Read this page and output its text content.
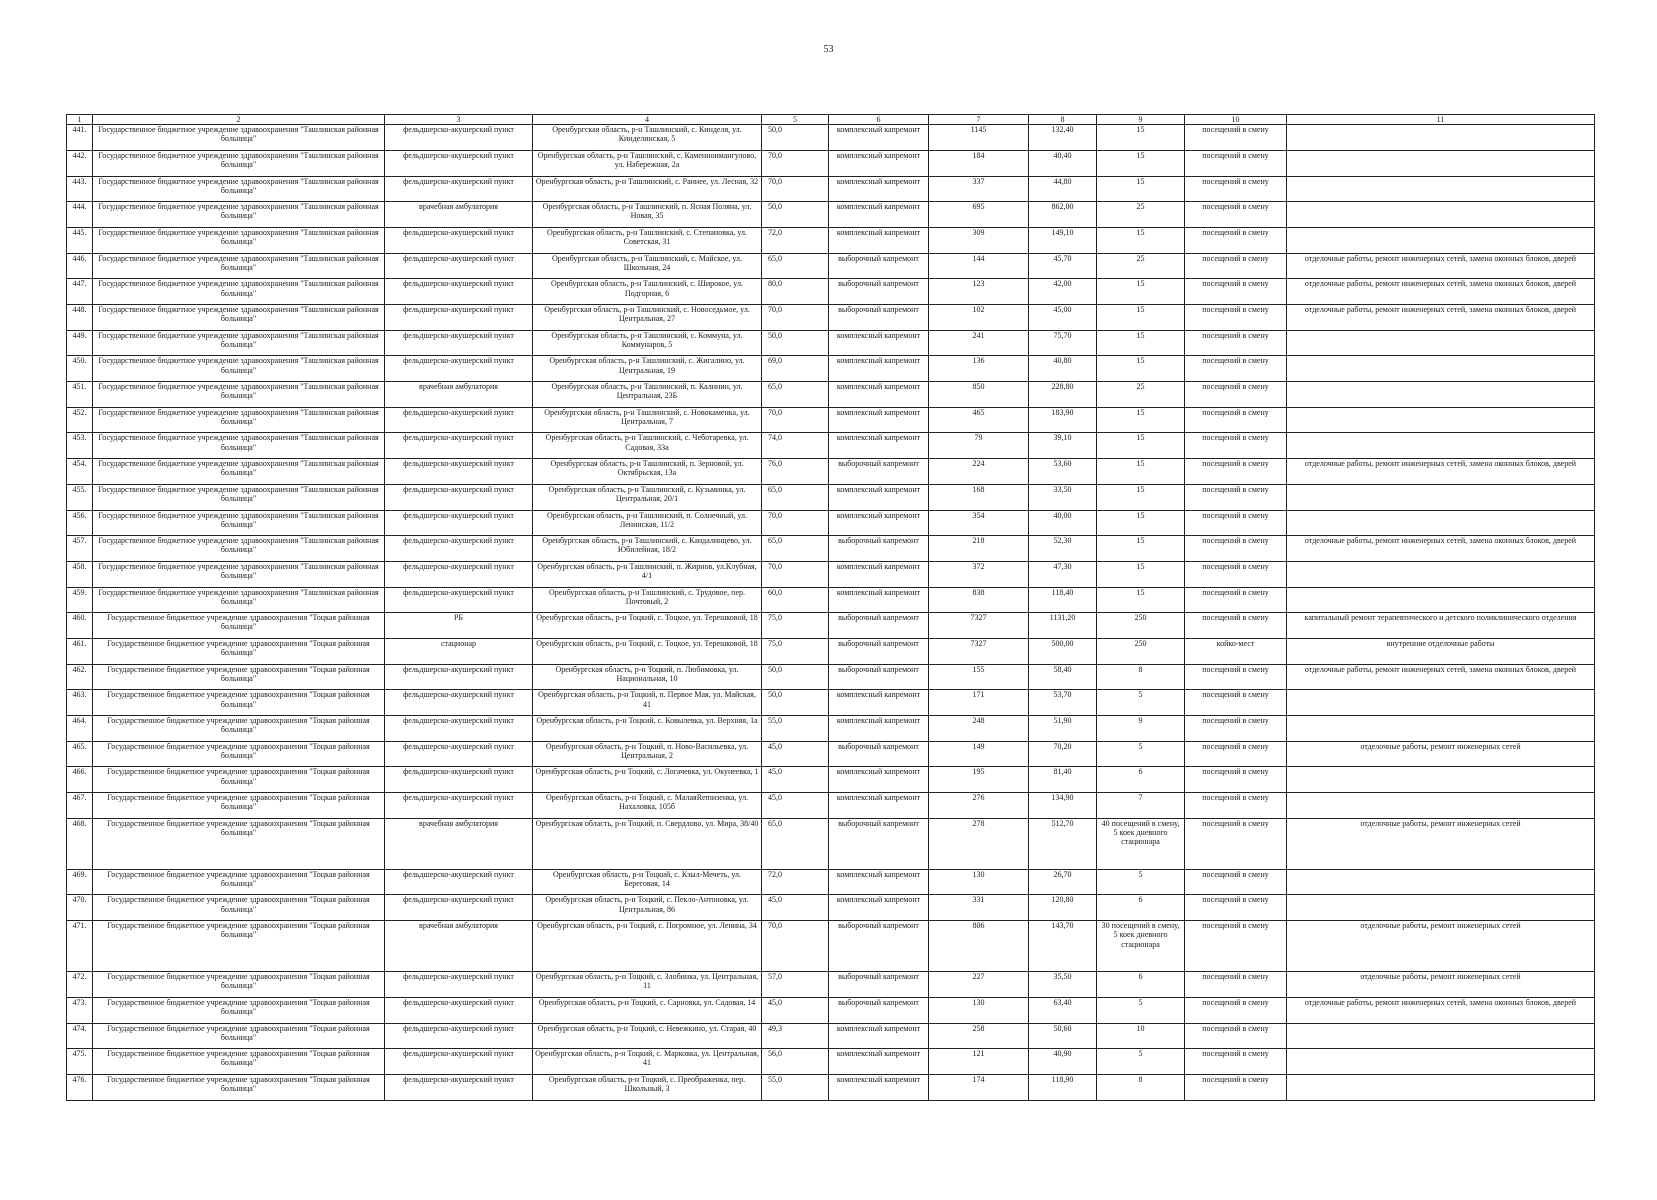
53
1	2	3	4	5	6	7	8	9	10	11
441.	Государственное бюджетное учреждение здравоохранения "Ташлинская районная больница"	фельдшерско-акушерский пункт	Оренбургская область, р-н Ташлинский, с. Кинделя, ул. Кинделинская, 5	50,0	комплексный капремонт	1145	132,40	15	посещений в смену	
442.	Государственное бюджетное учреждение здравоохранения "Ташлинская районная больница"	фельдшерско-акушерский пункт	Оренбургская область, р-н Ташлинский, с. Каменноимангулово, ул. Набережная, 2а	70,0	комплексный капремонт	184	40,40	15	посещений в смену	
443.	Государственное бюджетное учреждение здравоохранения "Ташлинская районная больница"	фельдшерско-акушерский пункт	Оренбургская область, р-н Ташлинский, с. Раннее, ул. Лесная, 32	70,0	комплексный капремонт	337	44,80	15	посещений в смену	
444.	Государственное бюджетное учреждение здравоохранения "Ташлинская районная больница"	врачебная амбулатория	Оренбургская область, р-н Ташлинский, п. Ясная Поляна, ул. Новая, 35	50,0	комплексный капремонт	695	862,00	25	посещений в смену	
445.	Государственное бюджетное учреждение здравоохранения "Ташлинская районная больница"	фельдшерско-акушерский пункт	Оренбургская область, р-н Ташлинский, с. Степановка, ул. Советская, 31	72,0	комплексный капремонт	309	149,10	15	посещений в смену	
446.	Государственное бюджетное учреждение здравоохранения "Ташлинская районная больница"	фельдшерско-акушерский пункт	Оренбургская область, р-н Ташлинский, с. Майское, ул. Школьная, 24	65,0	выборочный капремонт	144	45,70	25	посещений в смену	отделочные работы, ремонт инженерных сетей, замена оконных блоков, дверей
447.	Государственное бюджетное учреждение здравоохранения "Ташлинская районная больница"	фельдшерско-акушерский пункт	Оренбургская область, р-н Ташлинский, с. Широкое, ул. Подгорная, 6	80,0	выборочный капремонт	123	42,00	15	посещений в смену	отделочные работы, ремонт инженерных сетей, замена оконных блоков, дверей
448.	Государственное бюджетное учреждение здравоохранения "Ташлинская районная больница"	фельдшерско-акушерский пункт	Оренбургская область, р-н Ташлинский, с. Новоседьмое, ул. Центральная, 27	70,0	выборочный капремонт	102	45,00	15	посещений в смену	отделочные работы, ремонт инженерных сетей, замена оконных блоков, дверей
449.	Государственное бюджетное учреждение здравоохранения "Ташлинская районная больница"	фельдшерско-акушерский пункт	Оренбургская область, р-н Ташлинский, с. Коммуна, ул. Коммунаров, 5	50,0	комплексный капремонт	241	75,70	15	посещений в смену	
450.	Государственное бюджетное учреждение здравоохранения "Ташлинская районная больница"	фельдшерско-акушерский пункт	Оренбургская область, р-н Ташлинский, с. Жигалино, ул. Центральная, 19	69,0	комплексный капремонт	136	40,80	15	посещений в смену	
451.	Государственное бюджетное учреждение здравоохранения "Ташлинская районная больница"	врачебная амбулатория	Оренбургская область, р-н Ташлинский, п. Калинин, ул. Центральная, 23Б	65,0	комплексный капремонт	850	228,80	25	посещений в смену	
452.	Государственное бюджетное учреждение здравоохранения "Ташлинская районная больница"	фельдшерско-акушерский пункт	Оренбургская область, р-н Ташлинский, с. Новокаменка, ул. Центральная, 7	70,0	комплексный капремонт	465	183,90	15	посещений в смену	
453.	Государственное бюджетное учреждение здравоохранения "Ташлинская районная больница"	фельдшерско-акушерский пункт	Оренбургская область, р-н Ташлинский, с. Чеботаревка, ул. Садовая, 33а	74,0	комплексный капремонт	79	39,10	15	посещений в смену	
454.	Государственное бюджетное учреждение здравоохранения "Ташлинская районная больница"	фельдшерско-акушерский пункт	Оренбургская область, р-н Ташлинский, п. Зерновой, ул. Октябрьская, 13а	76,0	выборочный капремонт	224	53,60	15	посещений в смену	отделочные работы, ремонт инженерных сетей, замена оконных блоков, дверей
455.	Государственное бюджетное учреждение здравоохранения "Ташлинская районная больница"	фельдшерско-акушерский пункт	Оренбургская область, р-н Ташлинский, с. Кузьминка, ул. Центральная, 20/1	65,0	комплексный капремонт	168	33,50	15	посещений в смену	
456.	Государственное бюджетное учреждение здравоохранения "Ташлинская районная больница"	фельдшерско-акушерский пункт	Оренбургская область, р-н Ташлинский, п. Солнечный, ул. Ленинская, 11/2	70,0	комплексный капремонт	354	40,00	15	посещений в смену	
457.	Государственное бюджетное учреждение здравоохранения "Ташлинская районная больница"	фельдшерско-акушерский пункт	Оренбургская область, р-н Ташлинский, с. Кандалинцево, ул. Юбилейная, 18/2	65,0	выборочный капремонт	218	52,30	15	посещений в смену	отделочные работы, ремонт инженерных сетей, замена оконных блоков, дверей
458.	Государственное бюджетное учреждение здравоохранения "Ташлинская районная больница"	фельдшерско-акушерский пункт	Оренбургская область, р-н Ташлинский, п. Жирнов, ул.Клубная, 4/1	70,0	комплексный капремонт	372	47,30	15	посещений в смену	
459.	Государственное бюджетное учреждение здравоохранения "Ташлинская районная больница"	фельдшерско-акушерский пункт	Оренбургская область, р-н Ташлинский, с. Трудовое, пер. Почтовый, 2	60,0	комплексный капремонт	838	118,40	15	посещений в смену	
460.	Государственное бюджетное учреждение здравоохранения "Тоцкая районная больница"	РБ	Оренбургская область, р-н Тоцкий, с. Тоцкое, ул. Терешковой, 18	75,0	выборочный капремонт	7327	1131,20	250	посещений в смену	капитальный ремонт терапевтического и детского поликлинического отделения
461.	Государственное бюджетное учреждение здравоохранения "Тоцкая районная больница"	стационар	Оренбургская область, р-н Тоцкий, с. Тоцкое, ул. Терешковой, 18	75,0	выборочный капремонт	7327	500,00	250	койко-мест	внутренние отделочные работы
462.	Государственное бюджетное учреждение здравоохранения "Тоцкая районная больница"	фельдшерско-акушерский пункт	Оренбургская область, р-н Тоцкий, п. Любимовка, ул. Национальная, 10	50,0	выборочный капремонт	155	58,40	8	посещений в смену	отделочные работы, ремонт инженерных сетей, замена оконных блоков, дверей
463.	Государственное бюджетное учреждение здравоохранения "Тоцкая районная больница"	фельдшерско-акушерский пункт	Оренбургская область, р-н Тоцкий, п. Первое Мая, ул. Майская, 41	50,0	комплексный капремонт	171	53,70	5	посещений в смену	
464.	Государственное бюджетное учреждение здравоохранения "Тоцкая районная больница"	фельдшерско-акушерский пункт	Оренбургская область, р-н Тоцкий, с. Ковылевка, ул. Верхняя, 1а	55,0	комплексный капремонт	248	51,90	9	посещений в смену	
465.	Государственное бюджетное учреждение здравоохранения "Тоцкая районная больница"	фельдшерско-акушерский пункт	Оренбургская область, р-н Тоцкий, п. Ново-Васильевка, ул. Центральная, 2	45,0	выборочный капремонт	149	70,20	5	посещений в смену	отделочные работы, ремонт инженерных сетей
466.	Государственное бюджетное учреждение здравоохранения "Тоцкая районная больница"	фельдшерско-акушерский пункт	Оренбургская область, р-н Тоцкий, с. Логачевка, ул. Окунеевка, 1	45,0	комплексный капремонт	195	81,40	6	посещений в смену	
467.	Государственное бюджетное учреждение здравоохранения "Тоцкая районная больница"	фельдшерско-акушерский пункт	Оренбургская область, р-н Тоцкий, с. МалаяRemизенка, ул. Нахаловка, 105б	45,0	комплексный капремонт	276	134,90	7	посещений в смену	
468.	Государственное бюджетное учреждение здравоохранения "Тоцкая районная больница"	врачебная амбулатория	Оренбургская область, р-н Тоцкий, п. Свердлово, ул. Мира, 38/40	65,0	выборочный капремонт	278	512,70	40 посещений в смену, 5 коек дневного стационара	посещений в смену	отделочные работы, ремонт инженерных сетей
469.	Государственное бюджетное учреждение здравоохранения "Тоцкая районная больница"	фельдшерско-акушерский пункт	Оренбургская область, р-н Тоцкий, с. Кзыл-Мечеть, ул. Береговая, 14	72,0	комплексный капремонт	130	26,70	5	посещений в смену	
470.	Государственное бюджетное учреждение здравоохранения "Тоцкая районная больница"	фельдшерско-акушерский пункт	Оренбургская область, р-н Тоцкий, с. Пекло-Антоновка, ул. Центральная, 86	45,0	комплексный капремонт	331	120,80	6	посещений в смену	
471.	Государственное бюджетное учреждение здравоохранения "Тоцкая районная больница"	врачебная амбулатория	Оренбургская область, р-н Тоцкий, с. Погромное, ул. Ленина, 34	70,0	выборочный капремонт	806	143,70	30 посещений в смену, 5 коек дневного стационара	посещений в смену	отделочные работы, ремонт инженерных сетей
472.	Государственное бюджетное учреждение здравоохранения "Тоцкая районная больница"	фельдшерско-акушерский пункт	Оренбургская область, р-н Тоцкий, с. Злобинка, ул. Центральная, 11	57,0	выборочный капремонт	227	35,50	6	посещений в смену	отделочные работы, ремонт инженерных сетей
473.	Государственное бюджетное учреждение здравоохранения "Тоцкая районная больница"	фельдшерско-акушерский пункт	Оренбургская область, р-н Тоцкий, с. Сарновка, ул. Садовая, 14	45,0	выборочный капремонт	130	63,40	5	посещений в смену	отделочные работы, ремонт инженерных сетей, замена оконных блоков, дверей
474.	Государственное бюджетное учреждение здравоохранения "Тоцкая районная больница"	фельдшерско-акушерский пункт	Оренбургская область, р-н Тоцкий, с. Невежкино, ул. Старая, 40	49,3	комплексный капремонт	258	50,60	10	посещений в смену	
475.	Государственное бюджетное учреждение здравоохранения "Тоцкая районная больница"	фельдшерско-акушерский пункт	Оренбургская область, р-н Тоцкий, с. Марковка, ул. Центральная, 41	56,0	комплексный капремонт	121	40,90	5	посещений в смену	
476.	Государственное бюджетное учреждение здравоохранения "Тоцкая районная больница"	фельдшерско-акушерский пункт	Оренбургская область, р-н Тоцкий, с. Преображенка, пер. Школьный, 3	55,0	комплексный капремонт	174	118,90	8	посещений в смену	
